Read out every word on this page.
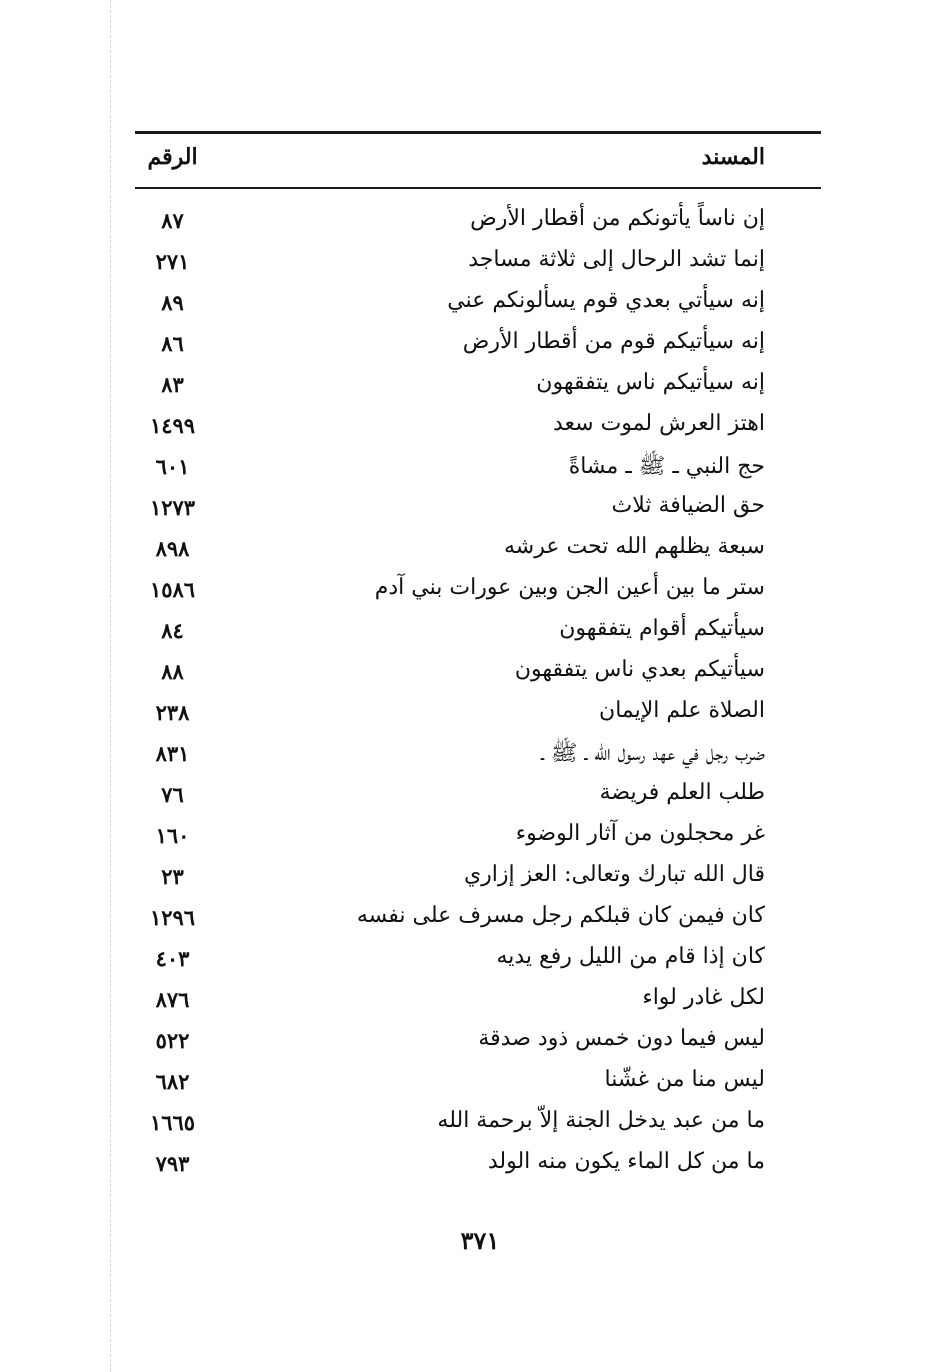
المسند
الرقم
إن ناساً يأتونكم من أقطار الأرض
٨٧
إنما تشد الرحال إلى ثلاثة مساجد
٢٧١
إنه سيأتي بعدي قوم يسألونكم عني
٨٩
إنه سيأتيكم قوم من أقطار الأرض
٨٦
إنه سيأتيكم ناس يتفقهون
٨٣
اهتز العرش لموت سعد
١٤٩٩
حج النبي ـ ﷺ ـ مشاةً
٦٠١
حق الضيافة ثلاث
١٢٧٣
سبعة يظلهم الله تحت عرشه
٨٩٨
ستر ما بين أعين الجن وبين عورات بني آدم
١٥٨٦
سيأتيكم أقوام يتفقهون
٨٤
سيأتيكم بعدي ناس يتفقهون
٨٨
الصلاة علم الإيمان
٢٣٨
ضرب رجل في عهد رسول الله ـ ﷺ ـ
٨٣١
طلب العلم فريضة
٧٦
غر محجلون من آثار الوضوء
١٦٠
قال الله تبارك وتعالى: العز إزاري
٢٣
كان فيمن كان قبلكم رجل مسرف على نفسه
١٢٩٦
كان إذا قام من الليل رفع يديه
٤٠٣
لكل غادر لواء
٨٧٦
ليس فيما دون خمس ذود صدقة
٥٢٢
ليس منا من غشّنا
٦٨٢
ما من عبد يدخل الجنة إلاّ برحمة الله
١٦٦٥
ما من كل الماء يكون منه الولد
٧٩٣
٣٧١
